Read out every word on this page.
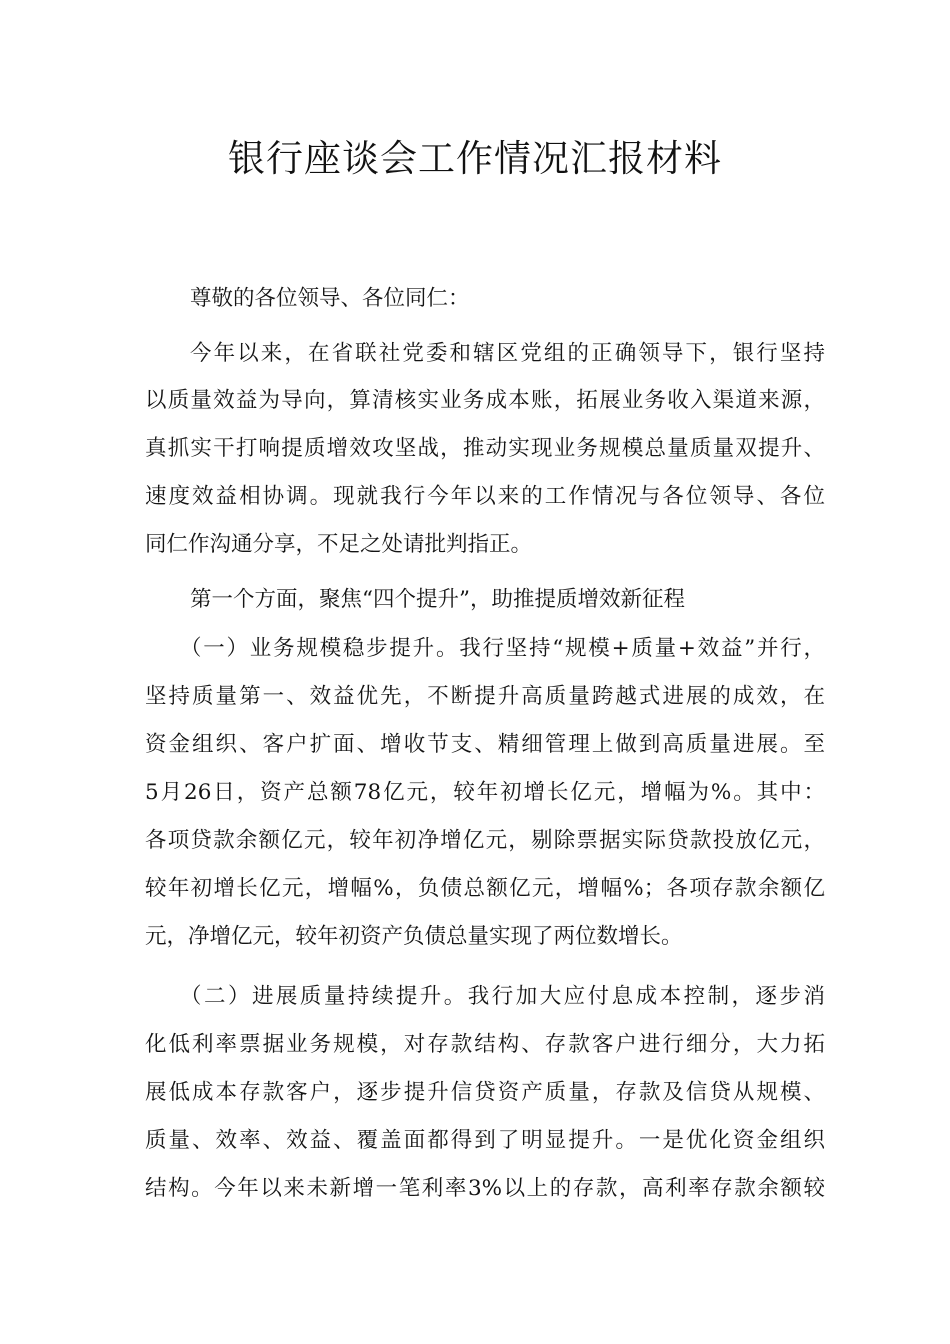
银行座谈会工作情况汇报材料
尊敬的各位领导、各位同仁：
今年以来，在省联社党委和辖区党组的正确领导下，银行坚持
以质量效益为导向，算清核实业务成本账，拓展业务收入渠道来源，
真抓实干打响提质增效攻坚战，推动实现业务规模总量质量双提升、
速度效益相协调。现就我行今年以来的工作情况与各位领导、各位
同仁作沟通分享，不足之处请批判指正。
第一个方面，聚焦“四个提升”，助推提质增效新征程
（一）业务规模稳步提升。我行坚持“规模+质量+效益”并行，
坚持质量第一、效益优先，不断提升高质量跨越式进展的成效，在
资金组织、客户扩面、增收节支、精细管理上做到高质量进展。至
5月26日，资产总额78亿元，较年初增长亿元，增幅为%。其中：
各项贷款余额亿元，较年初净增亿元，剔除票据实际贷款投放亿元，
较年初增长亿元，增幅%，负债总额亿元，增幅%；各项存款余额亿
元，净增亿元，较年初资产负债总量实现了两位数增长。
（二）进展质量持续提升。我行加大应付息成本控制，逐步消
化低利率票据业务规模，对存款结构、存款客户进行细分，大力拓
展低成本存款客户，逐步提升信贷资产质量，存款及信贷从规模、
质量、效率、效益、覆盖面都得到了明显提升。一是优化资金组织
结构。今年以来未新增一笔利率3%以上的存款，高利率存款余额较
